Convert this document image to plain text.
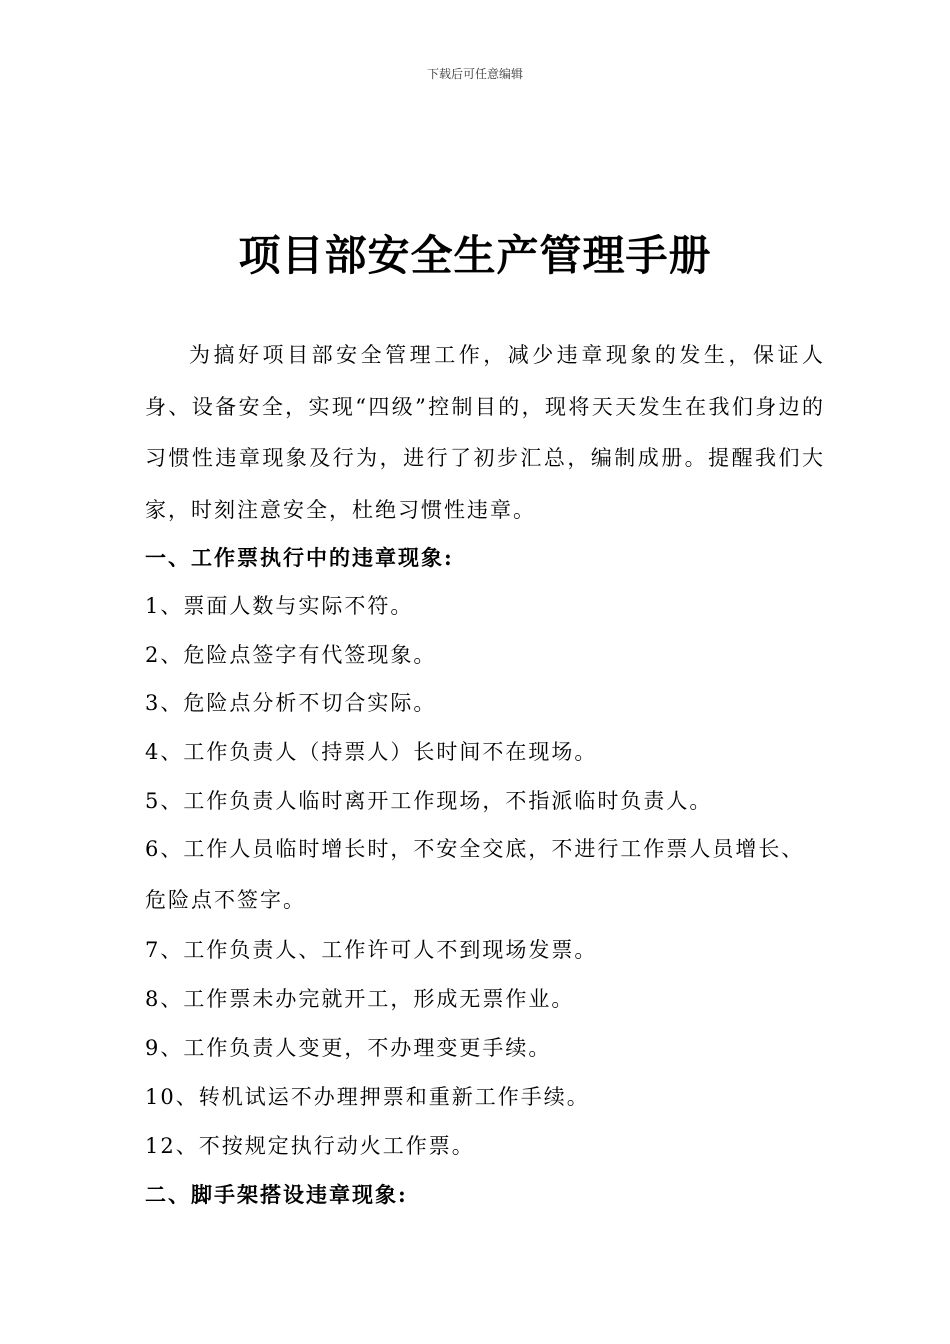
下载后可任意编辑
项目部安全生产管理手册

为搞好项目部安全管理工作，减少违章现象的发生，保证人身、设备安全，实现“四级”控制目的，现将天天发生在我们身边的习惯性违章现象及行为，进行了初步汇总，编制成册。提醒我们大家，时刻注意安全，杜绝习惯性违章。

一、工作票执行中的违章现象:

1、票面人数与实际不符。

2、危险点签字有代签现象。

3、危险点分析不切合实际。

4、工作负责人（持票人）长时间不在现场。

5、工作负责人临时离开工作现场，不指派临时负责人。

6、工作人员临时增长时，不安全交底，不进行工作票人员增长、危险点不签字。

7、工作负责人、工作许可人不到现场发票。

8、工作票未办完就开工，形成无票作业。

9、工作负责人变更，不办理变更手续。

10、转机试运不办理押票和重新工作手续。

12、不按规定执行动火工作票。

二、脚手架搭设违章现象:
